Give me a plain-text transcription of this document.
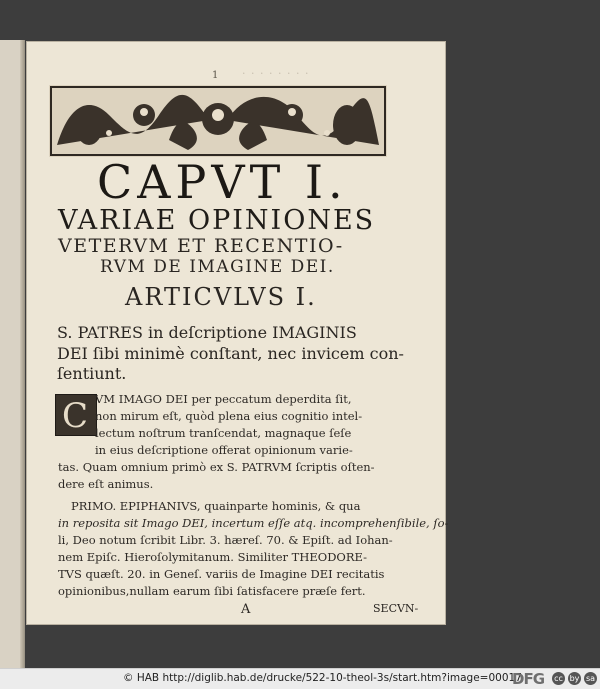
1 · · · · · · · ·
CAPVT I.
VARIAE OPINIONES
VETERVM ET RECENTIO-
RVM DE IMAGINE DEI.
ARTICVLVS I.
S. PATRES in deſcriptione IMAGINIS
DEI ſibi minimè conſtant, nec invicem con-
ſentiunt.
C VM IMAGO DEI per peccatum deperdita ſit,
non mirum eſt, quòd plena eius cognitio intel-
lectum noſtrum tranſcendat, magnaque ſeſe
in eius deſcriptione offerat opinionum varie-
tas. Quam omnium primò ex S. PATRVM ſcriptis oſten-
dere eſt animus.
PRIMO. EPIPHANIVS, quainparte hominis, & qua
in reposita sit Imago DEI, incertum eſſe atq. incomprehenſibile, ſo-
li, Deo notum ſcribit Libr. 3. hæreſ. 70. & Epiſt. ad Iohan-
nem Epiſc. Hieroſolymitanum. Similiter THEODORE-
TVS quæſt. 20. in Geneſ. variis de Imagine DEI recitatis
opinionibus,nullam earum ſibi ſatisfacere præſe fert.
A	SECVN-
© HAB http://diglib.hab.de/drucke/522-10-theol-3s/start.htm?image=00017
DFG cc by sa
